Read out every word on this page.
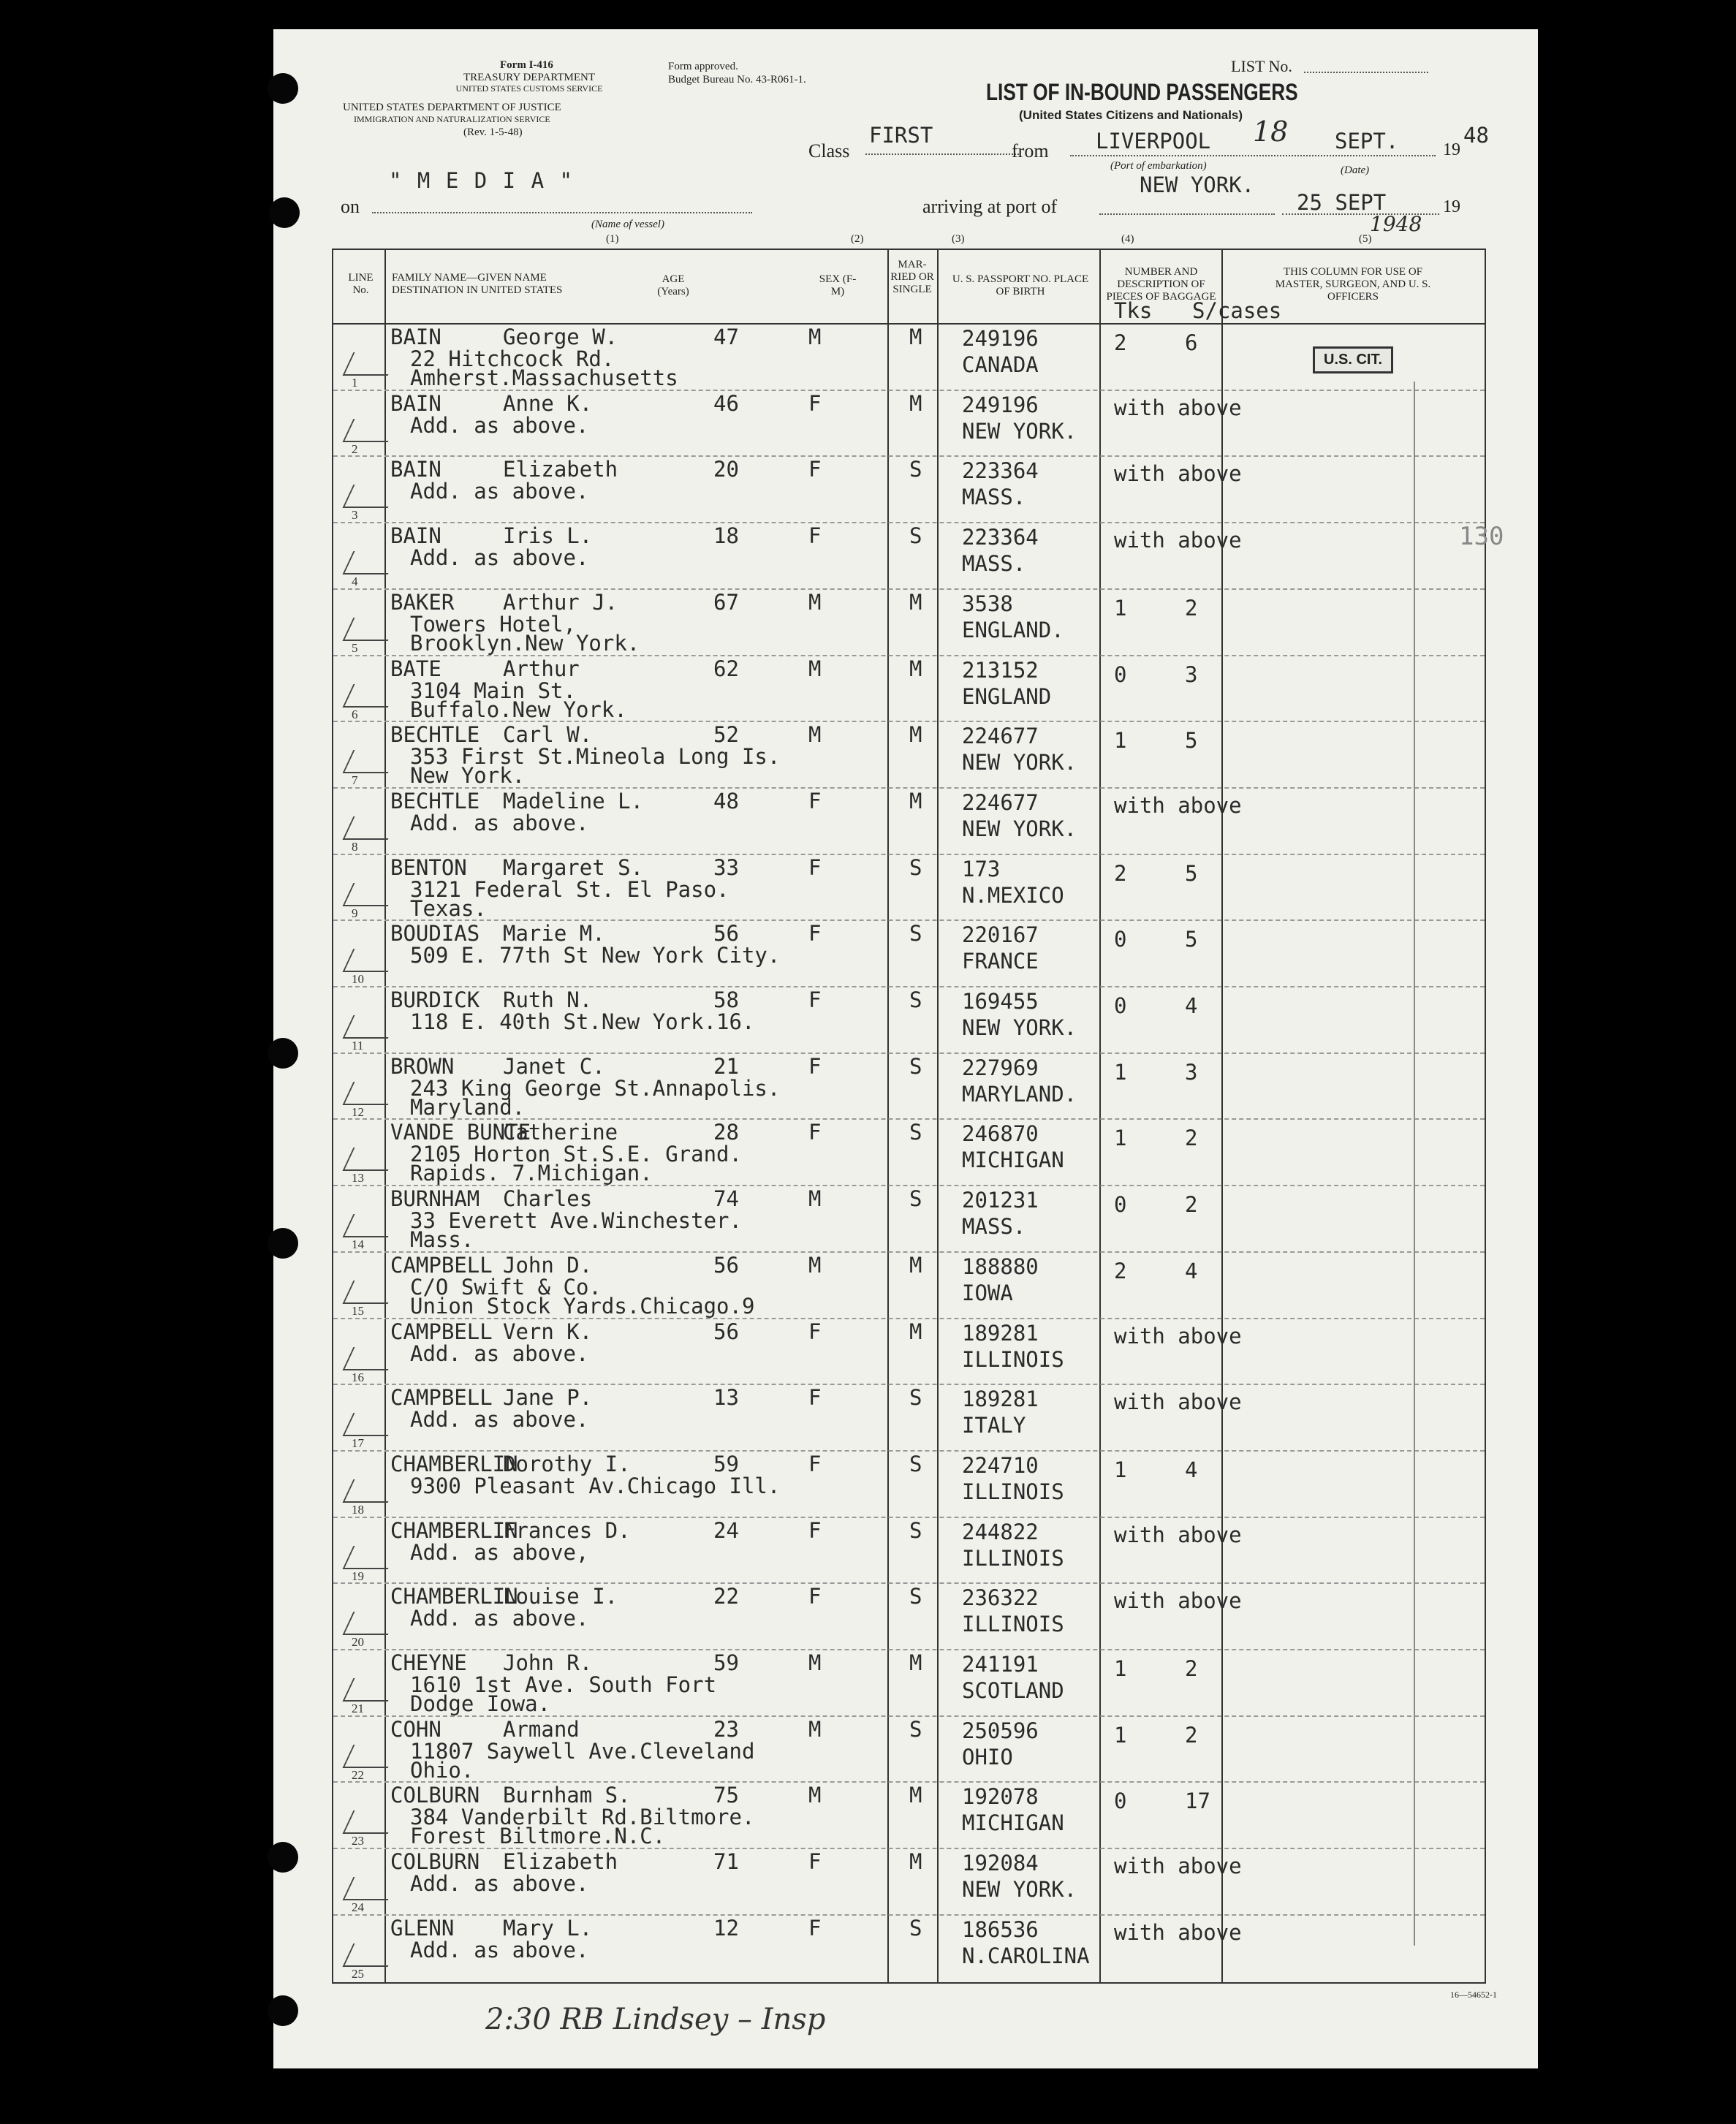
Form I-416
TREASURY DEPARTMENT
UNITED STATES CUSTOMS SERVICE
UNITED STATES DEPARTMENT OF JUSTICE
IMMIGRATION AND NATURALIZATION SERVICE
(Rev. 1-5-48)
Form approved.
Budget Bureau No. 43-R061-1.
LIST No.
LIST OF IN-BOUND PASSENGERS
(United States Citizens and Nationals)
Class
FIRST
from LIVERPOOL 18 SEPT.	19
48
(Port of embarkation)	(Date)
" M E D I A "
on	arriving at port of
NEW YORK.
25 SEPT	19
1948
(Name of vessel)
(1)	(2)	(3)	(4)	(5)
LINE No.
FAMILY NAME—GIVEN NAME DESTINATION IN UNITED STATES
AGE (Years)
SEX (F-M)
MAR-RIED OR SINGLE
U. S. PASSPORT NO. PLACE OF BIRTH
NUMBER AND DESCRIPTION OF PIECES OF BAGGAGE
THIS COLUMN FOR USE OF MASTER, SURGEON, AND U. S. OFFICERS
Tks S/cases
1
BAIN	George W.
22 Hitchcock Rd.
Amherst.Massachusetts
47	M	M 249196
CANADA
2	6
2
BAIN	Anne K.
Add. as above.
46	F	M 249196
NEW YORK.
with above
3
BAIN	Elizabeth
Add. as above.
20	F	S 223364
MASS.
with above
4
BAIN	Iris L.
Add. as above.
18	F	S 223364
MASS.
with above
5
BAKER Arthur J.
Towers Hotel,
Brooklyn.New York.
67	M	M 3538
ENGLAND.
1	2
6
BATE	Arthur
3104 Main St.
Buffalo.New York.
62	M	M 213152
ENGLAND
0	3
7
BECHTLE Carl W.
353 First St.Mineola Long Is.
New York.
52	M	M 224677
NEW YORK.
1	5
8
BECHTLE Madeline L.
Add. as above.
48	F	M 224677
NEW YORK.
with above
9
BENTON Margaret S.
3121 Federal St. El Paso.
Texas.
33	F	S 173
N.MEXICO
2	5
10
BOUDIAS Marie M.
509 E. 77th St New York City.
56	F	S 220167
FRANCE
0	5
11
BURDICK Ruth N.
118 E. 40th St.New York.16.
58	F	S 169455
NEW YORK.
0	4
12
BROWN Janet C.
243 King George St.Annapolis.
Maryland.
21	F	S 227969
MARYLAND.
1	3
13
VANDE BUNTE
Catherine
2105 Horton St.S.E. Grand.
Rapids. 7.Michigan.
28	F	S 246870
MICHIGAN
1	2
14
BURNHAM Charles
33 Everett Ave.Winchester.
Mass.
74	M	S 201231
MASS.
0	2
15
CAMPBELL John D.
C/O Swift & Co.
Union Stock Yards.Chicago.9
56	M	M 188880
IOWA
2	4
16
CAMPBELL Vern K.
Add. as above.
56	F	M 189281
ILLINOIS
with above
17
CAMPBELL Jane P.
Add. as above.
13	F	S 189281
ITALY
with above
18
CHAMBERLIN
Dorothy I.
9300 Pleasant Av.Chicago Ill.
59	F	S 224710
ILLINOIS
1	4
19
CHAMBERLIN
Frances D.
Add. as above,
24	F	S 244822
ILLINOIS
with above
20
CHAMBERLIN
Louise I.
Add. as above.
22	F	S 236322
ILLINOIS
with above
21
CHEYNE John R.
1610 1st Ave. South Fort
Dodge Iowa.
59	M	M 241191
SCOTLAND
1	2
22
COHN	Armand
11807 Saywell Ave.Cleveland
Ohio.
23	M	S 250596
OHIO
1	2
23
COLBURN Burnham S.
384 Vanderbilt Rd.Biltmore.
Forest Biltmore.N.C.
75	M	M 192078
MICHIGAN
0	17
24
COLBURN Elizabeth
Add. as above.
71	F	M 192084
NEW YORK.
with above
25
GLENN Mary L.
Add. as above.
12	F	S 186536
N.CAROLINA
with above
U.S. CIT.
130
16—54652-1
2:30 RB Lindsey – Insp
